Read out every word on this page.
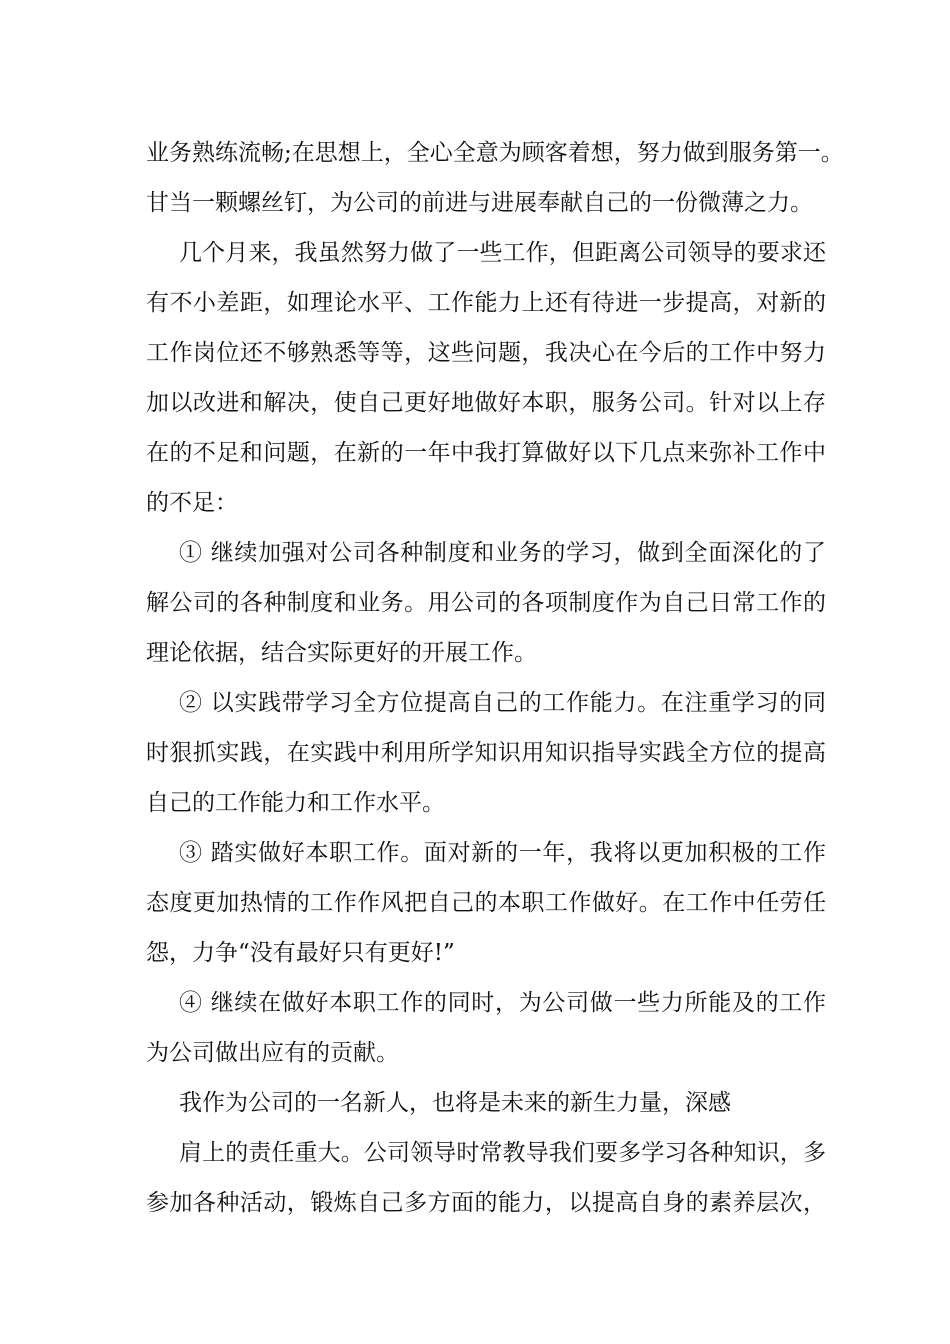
业务熟练流畅;在思想上，全心全意为顾客着想，努力做到服务第一。
甘当一颗螺丝钉，为公司的前进与进展奉献自己的一份微薄之力。
几个月来，我虽然努力做了一些工作，但距离公司领导的要求还
有不小差距，如理论水平、工作能力上还有待进一步提高，对新的
工作岗位还不够熟悉等等，这些问题，我决心在今后的工作中努力
加以改进和解决，使自己更好地做好本职，服务公司。针对以上存
在的不足和问题，在新的一年中我打算做好以下几点来弥补工作中
的不足：
① 继续加强对公司各种制度和业务的学习，做到全面深化的了
解公司的各种制度和业务。用公司的各项制度作为自己日常工作的
理论依据，结合实际更好的开展工作。
② 以实践带学习全方位提高自己的工作能力。在注重学习的同
时狠抓实践，在实践中利用所学知识用知识指导实践全方位的提高
自己的工作能力和工作水平。
③ 踏实做好本职工作。面对新的一年，我将以更加积极的工作
态度更加热情的工作作风把自己的本职工作做好。在工作中任劳任
怨，力争“没有最好只有更好!”
④ 继续在做好本职工作的同时，为公司做一些力所能及的工作
为公司做出应有的贡献。
我作为公司的一名新人，也将是未来的新生力量，深感
肩上的责任重大。公司领导时常教导我们要多学习各种知识，多
参加各种活动，锻炼自己多方面的能力，以提高自身的素养层次，
